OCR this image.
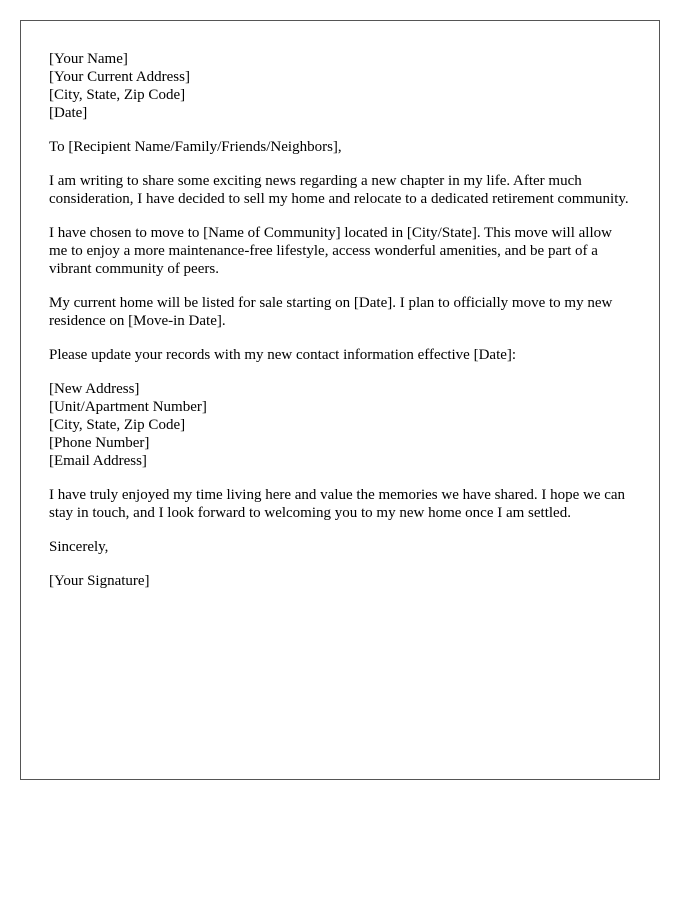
[Your Name]
[Your Current Address]
[City, State, Zip Code]
[Date]

To [Recipient Name/Family/Friends/Neighbors],

I am writing to share some exciting news regarding a new chapter in my life. After much consideration, I have decided to sell my home and relocate to a dedicated retirement community.

I have chosen to move to [Name of Community] located in [City/State]. This move will allow me to enjoy a more maintenance-free lifestyle, access wonderful amenities, and be part of a vibrant community of peers.

My current home will be listed for sale starting on [Date]. I plan to officially move to my new residence on [Move-in Date].

Please update your records with my new contact information effective [Date]:

[New Address]
[Unit/Apartment Number]
[City, State, Zip Code]
[Phone Number]
[Email Address]

I have truly enjoyed my time living here and value the memories we have shared. I hope we can stay in touch, and I look forward to welcoming you to my new home once I am settled.

Sincerely,

[Your Signature]
